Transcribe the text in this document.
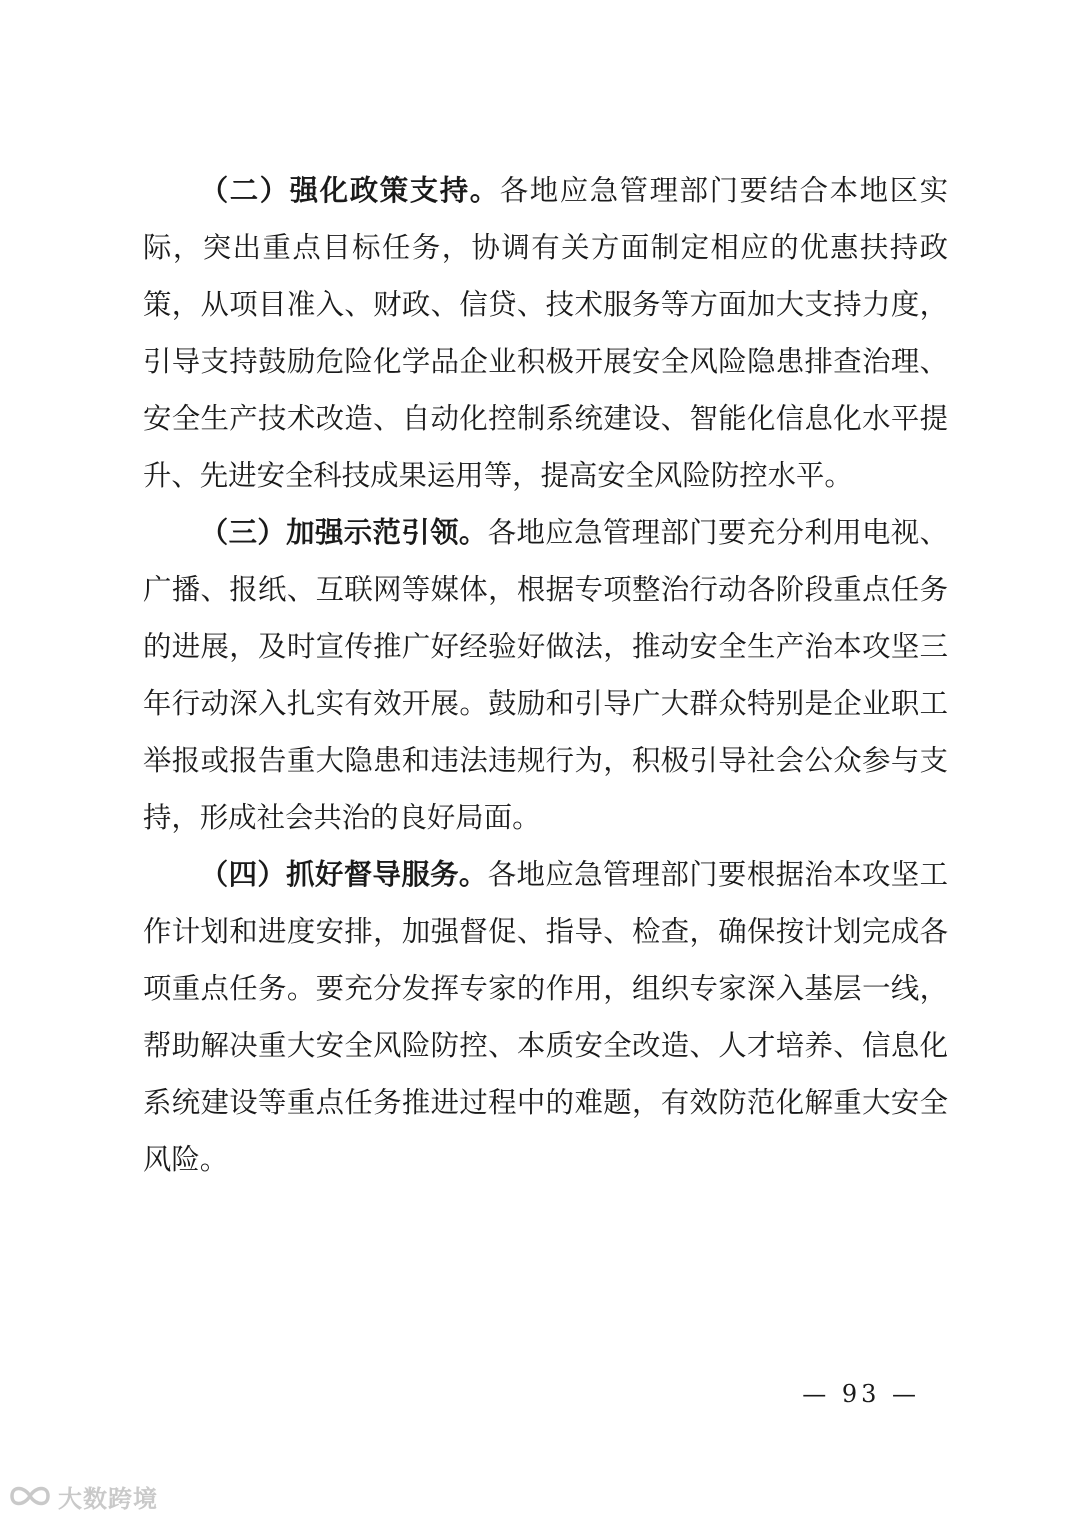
（二）强化政策支持。各地应急管理部门要结合本地区实际，突出重点目标任务，协调有关方面制定相应的优惠扶持政策，从项目准入、财政、信贷、技术服务等方面加大支持力度，引导支持鼓励危险化学品企业积极开展安全风险隐患排查治理、安全生产技术改造、自动化控制系统建设、智能化信息化水平提升、先进安全科技成果运用等，提高安全风险防控水平。

（三）加强示范引领。各地应急管理部门要充分利用电视、广播、报纸、互联网等媒体，根据专项整治行动各阶段重点任务的进展，及时宣传推广好经验好做法，推动安全生产治本攻坚三年行动深入扎实有效开展。鼓励和引导广大群众特别是企业职工举报或报告重大隐患和违法违规行为，积极引导社会公众参与支持，形成社会共治的良好局面。

（四）抓好督导服务。各地应急管理部门要根据治本攻坚工作计划和进度安排，加强督促、指导、检查，确保按计划完成各项重点任务。要充分发挥专家的作用，组织专家深入基层一线，帮助解决重大安全风险防控、本质安全改造、人才培养、信息化系统建设等重点任务推进过程中的难题，有效防范化解重大安全风险。

— 93 —
大数跨境
